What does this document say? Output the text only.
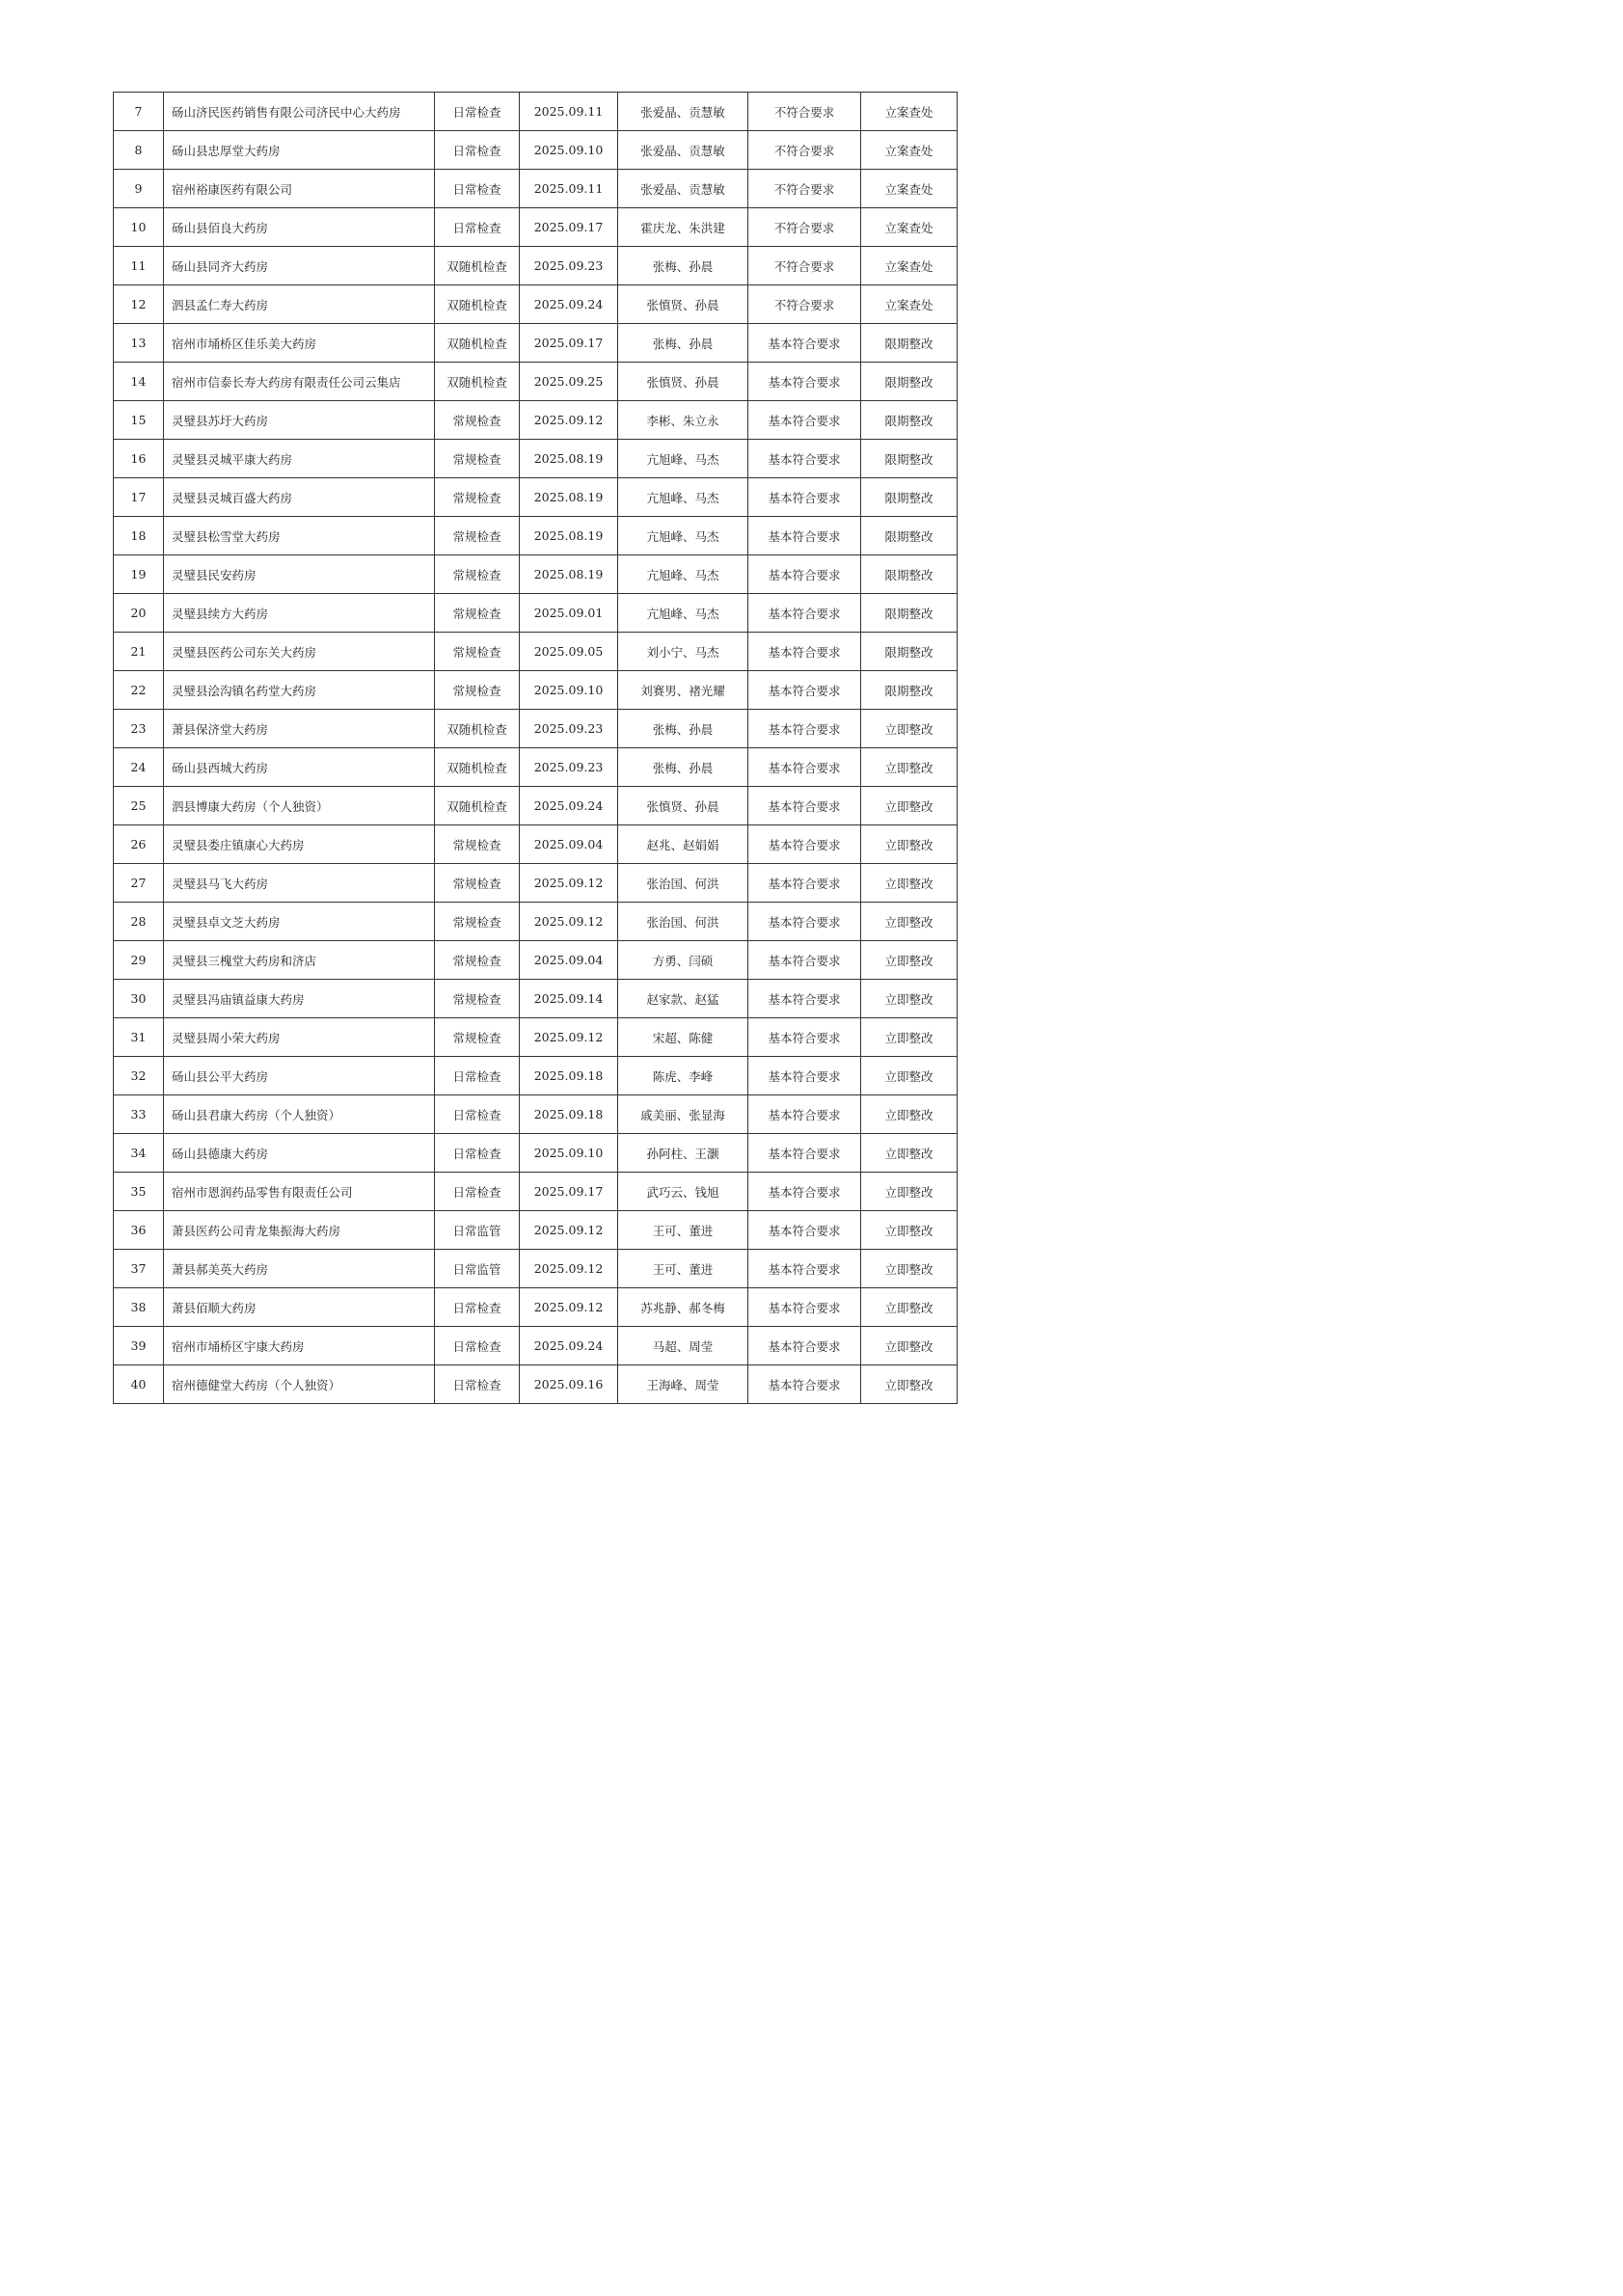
7	砀山济民医药销售有限公司济民中心大药房	日常检查	2025.09.11	张爱晶、贡慧敏	不符合要求	立案查处
8	砀山县忠厚堂大药房	日常检查	2025.09.10	张爱晶、贡慧敏	不符合要求	立案查处
9	宿州裕康医药有限公司	日常检查	2025.09.11	张爱晶、贡慧敏	不符合要求	立案查处
10	砀山县佰良大药房	日常检查	2025.09.17	霍庆龙、朱洪建	不符合要求	立案查处
11	砀山县同齐大药房	双随机检查	2025.09.23	张梅、孙晨	不符合要求	立案查处
12	泗县孟仁寿大药房	双随机检查	2025.09.24	张慎贤、孙晨	不符合要求	立案查处
13	宿州市埇桥区佳乐美大药房	双随机检查	2025.09.17	张梅、孙晨	基本符合要求	限期整改
14	宿州市信泰长寿大药房有限责任公司云集店	双随机检查	2025.09.25	张慎贤、孙晨	基本符合要求	限期整改
15	灵璧县苏圩大药房	常规检查	2025.09.12	李彬、朱立永	基本符合要求	限期整改
16	灵璧县灵城平康大药房	常规检查	2025.08.19	亢旭峰、马杰	基本符合要求	限期整改
17	灵璧县灵城百盛大药房	常规检查	2025.08.19	亢旭峰、马杰	基本符合要求	限期整改
18	灵璧县松雪堂大药房	常规检查	2025.08.19	亢旭峰、马杰	基本符合要求	限期整改
19	灵璧县民安药房	常规检查	2025.08.19	亢旭峰、马杰	基本符合要求	限期整改
20	灵璧县续方大药房	常规检查	2025.09.01	亢旭峰、马杰	基本符合要求	限期整改
21	灵璧县医药公司东关大药房	常规检查	2025.09.05	刘小宁、马杰	基本符合要求	限期整改
22	灵璧县浍沟镇名药堂大药房	常规检查	2025.09.10	刘赛男、褚光耀	基本符合要求	限期整改
23	萧县保济堂大药房	双随机检查	2025.09.23	张梅、孙晨	基本符合要求	立即整改
24	砀山县西城大药房	双随机检查	2025.09.23	张梅、孙晨	基本符合要求	立即整改
25	泗县博康大药房（个人独资）	双随机检查	2025.09.24	张慎贤、孙晨	基本符合要求	立即整改
26	灵璧县娄庄镇康心大药房	常规检查	2025.09.04	赵兆、赵娟娟	基本符合要求	立即整改
27	灵璧县马飞大药房	常规检查	2025.09.12	张治国、何洪	基本符合要求	立即整改
28	灵璧县卓文芝大药房	常规检查	2025.09.12	张治国、何洪	基本符合要求	立即整改
29	灵璧县三槐堂大药房和济店	常规检查	2025.09.04	方勇、闫硕	基本符合要求	立即整改
30	灵璧县冯庙镇益康大药房	常规检查	2025.09.14	赵家款、赵猛	基本符合要求	立即整改
31	灵璧县周小荣大药房	常规检查	2025.09.12	宋超、陈健	基本符合要求	立即整改
32	砀山县公平大药房	日常检查	2025.09.18	陈虎、李峰	基本符合要求	立即整改
33	砀山县君康大药房（个人独资）	日常检查	2025.09.18	戚美丽、张显海	基本符合要求	立即整改
34	砀山县德康大药房	日常检查	2025.09.10	孙阿柱、王灏	基本符合要求	立即整改
35	宿州市恩润药品零售有限责任公司	日常检查	2025.09.17	武巧云、钱旭	基本符合要求	立即整改
36	萧县医药公司青龙集振海大药房	日常监管	2025.09.12	王可、董进	基本符合要求	立即整改
37	萧县郝美英大药房	日常监管	2025.09.12	王可、董进	基本符合要求	立即整改
38	萧县佰顺大药房	日常检查	2025.09.12	苏兆静、郝冬梅	基本符合要求	立即整改
39	宿州市埇桥区宇康大药房	日常检查	2025.09.24	马超、周莹	基本符合要求	立即整改
40	宿州德健堂大药房（个人独资）	日常检查	2025.09.16	王海峰、周莹	基本符合要求	立即整改
